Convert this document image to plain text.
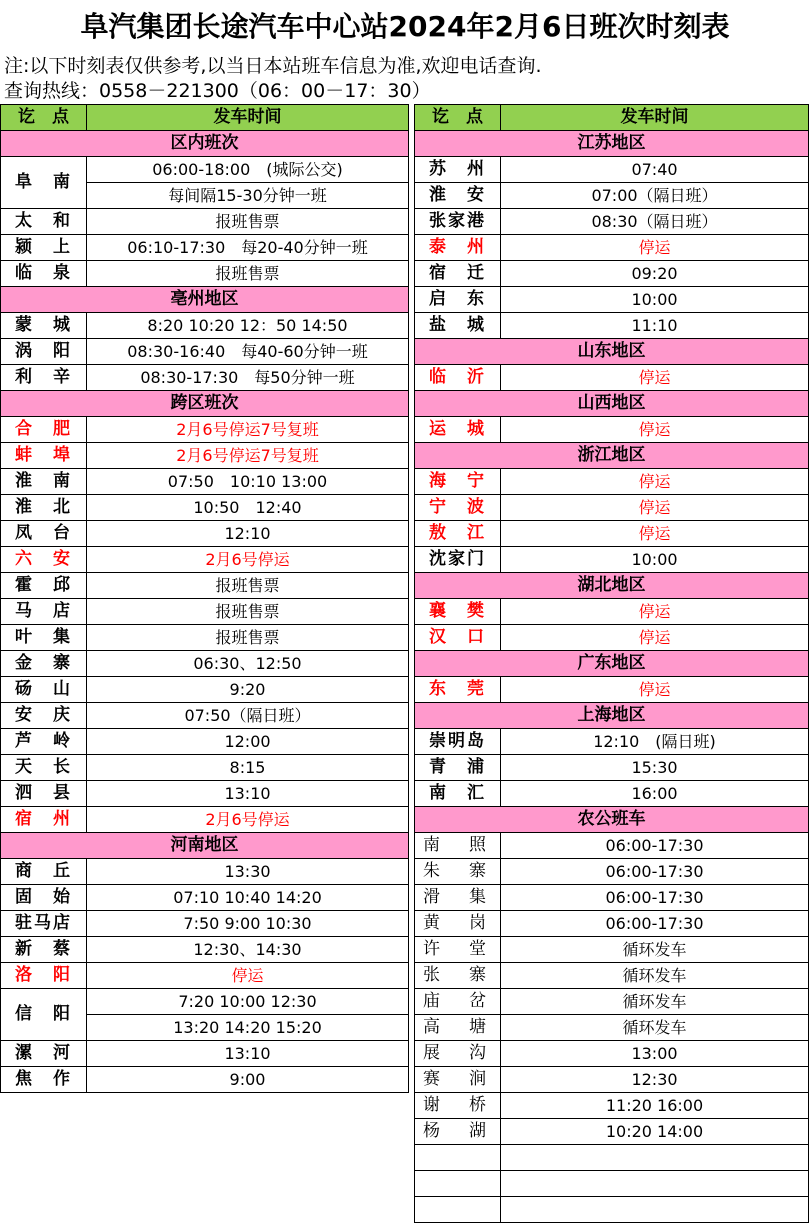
阜汽集团长途汽车中心站2024年2月6日班次时刻表
注:以下时刻表仅供参考,以当日本站班车信息为准,欢迎电话查询.
查询热线：0558－221300（06：00－17：30）
讫　点	发车时间
区内班次	
阜　南	06:00-18:00　(城际公交)
	每间隔15-30分钟一班
太　和	报班售票
颍　上	06:10-17:30　每20-40分钟一班
临　泉	报班售票
亳州地区	
蒙　城	8:20 10:20 12：50 14:50
涡　阳	08:30-16:40　每40-60分钟一班
利　辛	08:30-17:30　每50分钟一班
跨区班次	
合　肥	2月6号停运7号复班
蚌　埠	2月6号停运7号复班
淮　南	07:50　10:10 13:00
淮　北	10:50　12:40
凤　台	12:10
六　安	2月6号停运

霍　邱	报班售票
马　店	报班售票
叶　集	报班售票
金　寨	06:30、12:50
砀　山	9:20
安　庆	07:50（隔日班）

芦　岭	12:00
天　长	8:15
泗　县	13:10
宿　州	2月6号停运

河南地区	
商　丘	13:30

固　始	07:10 10:40 14:20
驻马店	7:50 9:00 10:30

新　蔡	12:30、14:30
洛　阳	停运
信　阳	7:20 10:00 12:30
	13:20 14:20 15:20
漯　河	13:10
焦　作	9:00
讫　点	发车时间
江苏地区	
苏　州	07:40
淮　安	07:00（隔日班）
张家港	08:30（隔日班）
泰　州	停运
宿　迁	09:20
启　东	10:00
盐　城	11:10
山东地区	
临　沂	停运
山西地区	
运　城	停运
浙江地区	
海　宁	停运
宁　波	停运
敖　江	停运
沈家门	10:00
湖北地区	
襄　樊	停运
汉　口	停运
广东地区	
东　莞	停运
上海地区	
崇明岛	12:10　(隔日班)
青　浦	15:30
南　汇	16:00
农公班车	
南　照	06:00-17:30
朱　寨	06:00-17:30
滑　集	06:00-17:30
黄　岗	06:00-17:30
许　堂	循环发车
张　寨	循环发车
庙　岔	循环发车
高　塘	循环发车
展　沟	13:00
赛　涧	12:30
谢　桥	11:20 16:00
杨　湖	10:20 14:00
